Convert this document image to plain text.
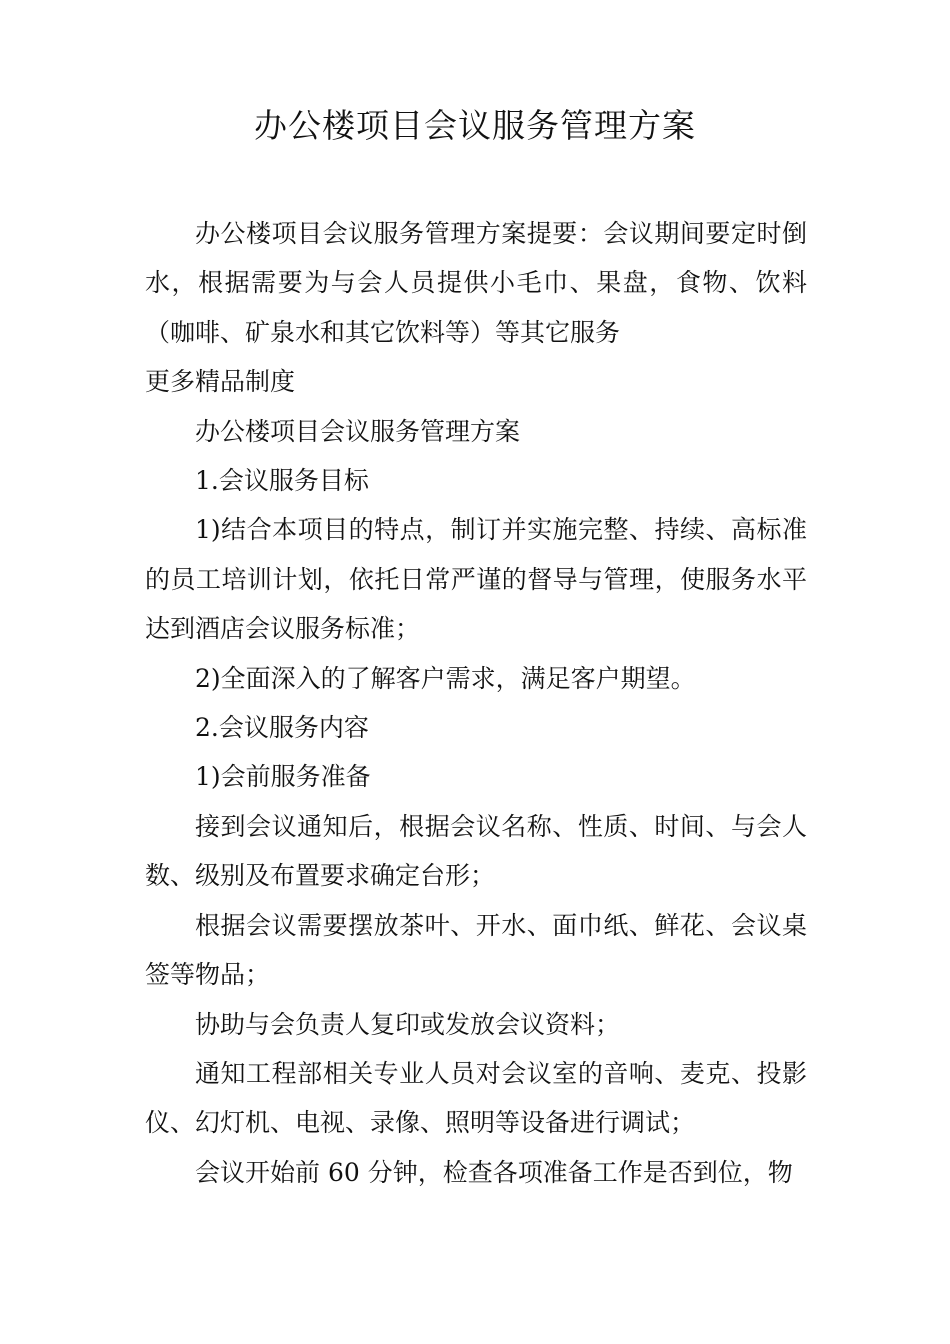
办公楼项目会议服务管理方案

办公楼项目会议服务管理方案提要：会议期间要定时倒水，根据需要为与会人员提供小毛巾、果盘，食物、饮料（咖啡、矿泉水和其它饮料等）等其它服务

更多精品制度

办公楼项目会议服务管理方案

1.会议服务目标

1)结合本项目的特点，制订并实施完整、持续、高标准的员工培训计划，依托日常严谨的督导与管理，使服务水平达到酒店会议服务标准；

2)全面深入的了解客户需求，满足客户期望。

2.会议服务内容

1)会前服务准备

接到会议通知后，根据会议名称、性质、时间、与会人数、级别及布置要求确定台形；

根据会议需要摆放茶叶、开水、面巾纸、鲜花、会议桌签等物品；

协助与会负责人复印或发放会议资料；

通知工程部相关专业人员对会议室的音响、麦克、投影仪、幻灯机、电视、录像、照明等设备进行调试；

会议开始前 60 分钟，检查各项准备工作是否到位，物
